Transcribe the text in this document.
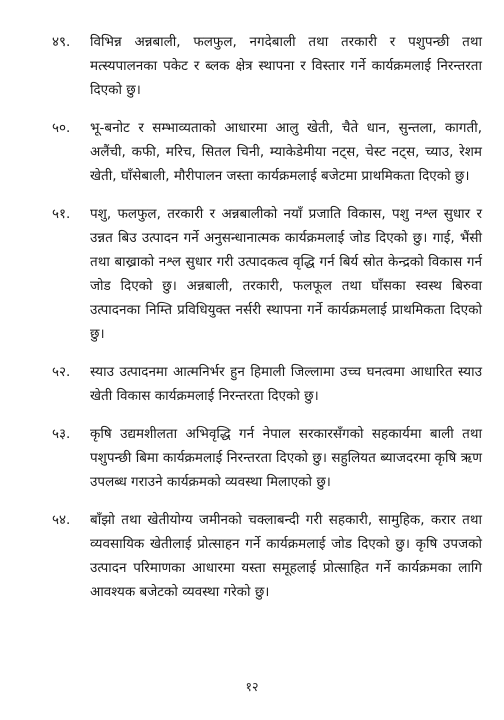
४९.	विभिन्न अन्नबाली, फलफुल, नगदेबाली तथा तरकारी र पशुपन्छी तथा मत्स्यपालनका पकेट र ब्लक क्षेत्र स्थापना र विस्तार गर्ने कार्यक्रमलाई निरन्तरता दिएको छु।
५०.	भू-बनोट र सम्भाव्यताको आधारमा आलु खेती, चैते धान, सुन्तला, कागती, अलैंची, कफी, मरिच, सितल चिनी, म्याकेडेमीया नट्स, चेस्ट नट्स, च्याउ, रेशम खेती, घाँसेबाली, मौरीपालन जस्ता कार्यक्रमलाई बजेटमा प्राथमिकता दिएको छु।
५१.	पशु, फलफुल, तरकारी र अन्नबालीको नयाँ प्रजाति विकास, पशु नश्ल सुधार र उन्नत बिउ उत्पादन गर्ने अनुसन्धानात्मक कार्यक्रमलाई जोड दिएको छु। गाई, भैंसी तथा बाख्राको नश्ल सुधार गरी उत्पादकत्व वृद्धि गर्न बिर्य स्रोत केन्द्रको विकास गर्न जोड दिएको छु। अन्नबाली, तरकारी, फलफूल तथा घाँसका स्वस्थ बिरुवा उत्पादनका निम्ति प्रविधियुक्त नर्सरी स्थापना गर्ने कार्यक्रमलाई प्राथमिकता दिएको छु।
५२.	स्याउ उत्पादनमा आत्मनिर्भर हुन हिमाली जिल्लामा उच्च घनत्वमा आधारित स्याउ खेती विकास कार्यक्रमलाई निरन्तरता दिएको छु।
५३.	कृषि उद्यमशीलता अभिवृद्धि गर्न नेपाल सरकारसँगको सहकार्यमा बाली तथा पशुपन्छी बिमा कार्यक्रमलाई निरन्तरता दिएको छु। सहुलियत ब्याजदरमा कृषि ऋण उपलब्ध गराउने कार्यक्रमको व्यवस्था मिलाएको छु।
५४.	बाँझो तथा खेतीयोग्य जमीनको चक्लाबन्दी गरी सहकारी, सामुहिक, करार तथा व्यवसायिक खेतीलाई प्रोत्साहन गर्ने कार्यक्रमलाई जोड दिएको छु। कृषि उपजको उत्पादन परिमाणका आधारमा यस्ता समूहलाई प्रोत्साहित गर्ने कार्यक्रमका लागि आवश्यक बजेटको व्यवस्था गरेको छु।
१२
